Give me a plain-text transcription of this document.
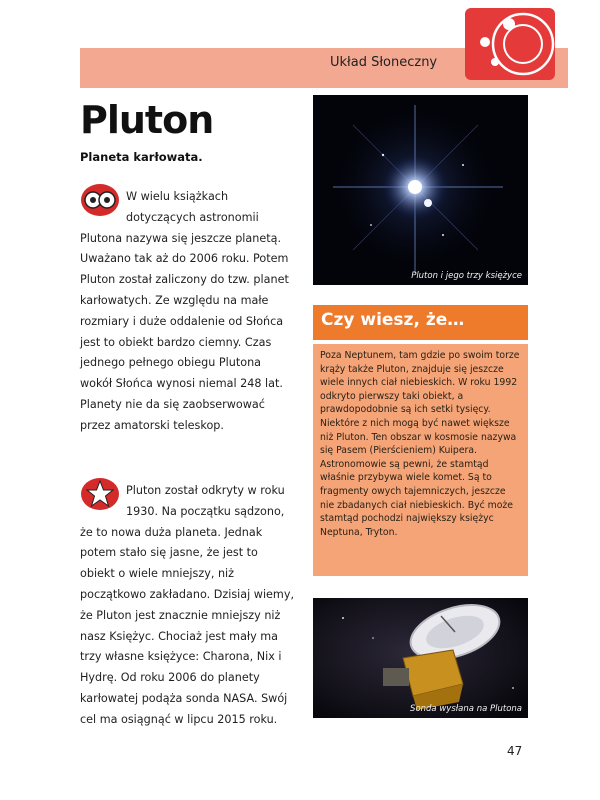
Układ Słoneczny
Pluton
Planeta karłowata.
W wielu książkach dotyczących astronomii Plutona nazywa się jeszcze planetą. Uważano tak aż do 2006 roku. Potem Pluton został zaliczony do tzw. planet karłowatych. Ze względu na małe rozmiary i duże oddalenie od Słońca jest to obiekt bardzo ciemny. Czas jednego pełnego obiegu Plutona wokół Słońca wynosi niemal 248 lat. Planety nie da się zaobserwować przez amatorski teleskop.
Pluton został odkryty w roku 1930. Na początku sądzono, że to nowa duża planeta. Jednak potem stało się jasne, że jest to obiekt o wiele mniejszy, niż początkowo zakładano. Dzisiaj wiemy, że Pluton jest znacznie mniejszy niż nasz Księżyc. Chociaż jest mały ma trzy własne księżyce: Charona, Nix i Hydrę. Od roku 2006 do planety karłowatej podąża sonda NASA. Swój cel ma osiągnąć w lipcu 2015 roku.
Pluton i jego trzy księżyce
Czy wiesz, że…
Poza Neptunem, tam gdzie po swoim torze krąży także Pluton, znajduje się jeszcze wiele innych ciał niebieskich. W roku 1992 odkryto pierwszy taki obiekt, a prawdopodobnie są ich setki tysięcy. Niektóre z nich mogą być nawet większe niż Pluton. Ten obszar w kosmosie nazywa się Pasem (Pierścieniem) Kuipera. Astronomowie są pewni, że stamtąd właśnie przybywa wiele komet. Są to fragmenty owych tajemniczych, jeszcze nie zbadanych ciał niebieskich. Być może stamtąd pochodzi największy księżyc Neptuna, Tryton.
Sonda wysłana na Plutona
47
